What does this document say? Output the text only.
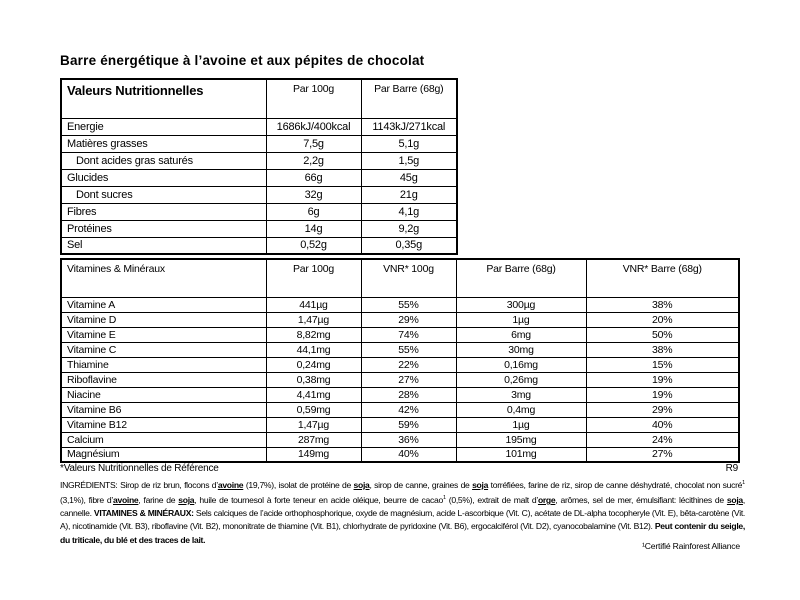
Barre énergétique à l’avoine et aux pépites de chocolat
Valeurs Nutritionnelles	Par 100g	Par Barre (68g)
Energie	1686kJ/400kcal	1143kJ/271kcal
Matières grasses	7,5g	5,1g
Dont acides gras saturés	2,2g	1,5g
Glucides	66g	45g
Dont sucres	32g	21g
Fibres	6g	4,1g
Protéines	14g	9,2g
Sel	0,52g	0,35g
Vitamines & Minéraux	Par 100g	VNR* 100g	Par Barre (68g)	VNR* Barre (68g)
Vitamine A	441µg	55%	300µg	38%
Vitamine D	1,47µg	29%	1µg	20%
Vitamine E	8,82mg	74%	6mg	50%
Vitamine C	44,1mg	55%	30mg	38%
Thiamine	0,24mg	22%	0,16mg	15%
Riboflavine	0,38mg	27%	0,26mg	19%
Niacine	4,41mg	28%	3mg	19%
Vitamine B6	0,59mg	42%	0,4mg	29%
Vitamine B12	1,47µg	59%	1µg	40%
Calcium	287mg	36%	195mg	24%
Magnésium	149mg	40%	101mg	27%
*Valeurs Nutritionnelles de Référence	R9
INGRÉDIENTS: Sirop de riz brun, flocons d’avoine (19,7%), isolat de protéine de soja, sirop de canne, graines de soja torréfiées, farine de riz, sirop de canne déshydraté, chocolat non sucré$^1$ (3,1%), fibre d’avoine, farine de soja, huile de tournesol à forte teneur en acide oléique, beurre de cacao$^1$ (0,5%), extrait de malt d’orge, arômes, sel de mer, émulsifiant: lécithines de soja, cannelle. VITAMINES & MINÉRAUX: Sels calciques de l’acide orthophosphorique, oxyde de magnésium, acide L-ascorbique (Vit. C), acétate de DL-alpha tocopheryle (Vit. E), bêta-carotène (Vit. A), nicotinamide (Vit. B3), riboflavine (Vit. B2), mononitrate de thiamine (Vit. B1), chlorhydrate de pyridoxine (Vit. B6), ergocalciférol (Vit. D2), cyanocobalamine (Vit. B12). Peut contenir du seigle, du triticale, du blé et des traces de lait.
¹Certifié Rainforest Alliance
